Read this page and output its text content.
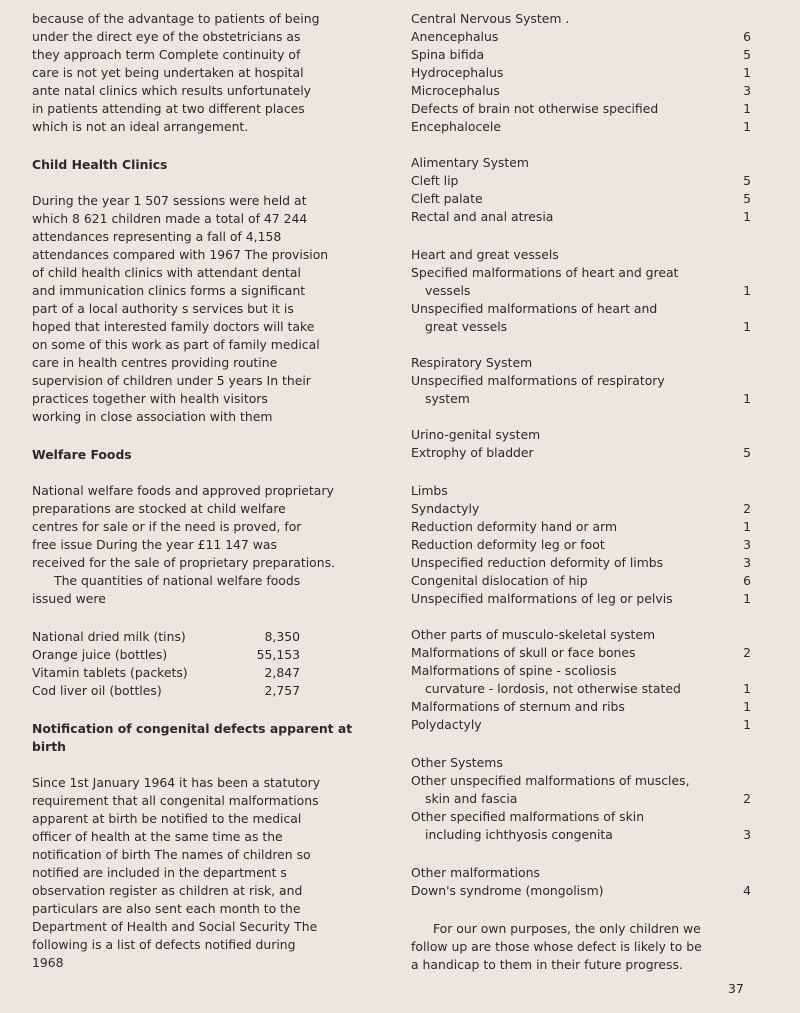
because of the advantage to patients of being

under the direct eye of the obstetricians as

they approach term Complete continuity of

care is not yet being undertaken at hospital

ante natal clinics which results unfortunately

in patients attending at two different places

which is not an ideal arrangement.

Child Health Clinics

During the year 1 507 sessions were held at

which 8 621 children made a total of 47 244

attendances representing a fall of 4,158

attendances compared with 1967 The provision

of child health clinics with attendant dental

and immunication clinics forms a significant

part of a local authority s services but it is

hoped that interested family doctors will take

on some of this work as part of family medical

care in health centres providing routine

supervision of children under 5 years In their

practices together with health visitors

working in close association with them

Welfare Foods

National welfare foods and approved proprietary

preparations are stocked at child welfare

centres for sale or if the need is proved, for

free issue During the year £11 147 was

received for the sale of proprietary preparations.

The quantities of national welfare foods

issued were

National dried milk (tins)	8,350
Orange juice (bottles)	55,153
Vitamin tablets (packets)	2,847
Cod liver oil (bottles)	2,757

Notification of congenital defects apparent at

birth

Since 1st January 1964 it has been a statutory

requirement that all congenital malformations

apparent at birth be notified to the medical

officer of health at the same time as the

notification of birth The names of children so

notified are included in the department s

observation register as children at risk, and

particulars are also sent each month to the

Department of Health and Social Security The

following is a list of defects notified during

1968

Central Nervous System .

Anencephalus	6
Spina bifida	5
Hydrocephalus	1
Microcephalus	3
Defects of brain not otherwise specified	1
Encephalocele	1

Alimentary System

Cleft lip	5
Cleft palate	5
Rectal and anal atresia	1

Heart and great vessels

Specified malformations of heart and great

vessels	1

Unspecified malformations of heart and

great vessels	1

Respiratory System

Unspecified malformations of respiratory

system	1

Urino-genital system

Extrophy of bladder	5

Limbs

Syndactyly	2
Reduction deformity hand or arm	1
Reduction deformity leg or foot	3
Unspecified reduction deformity of limbs	3
Congenital dislocation of hip	6
Unspecified malformations of leg or pelvis	1

Other parts of musculo-skeletal system

Malformations of skull or face bones	2

Malformations of spine - scoliosis

curvature - lordosis, not otherwise stated	1
Malformations of sternum and ribs	1
Polydactyly	1

Other Systems

Other unspecified malformations of muscles,

skin and fascia	2

Other specified malformations of skin

including ichthyosis congenita	3

Other malformations

Down's syndrome (mongolism)	4

For our own purposes, the only children we

follow up are those whose defect is likely to be

a handicap to them in their future progress.

37
